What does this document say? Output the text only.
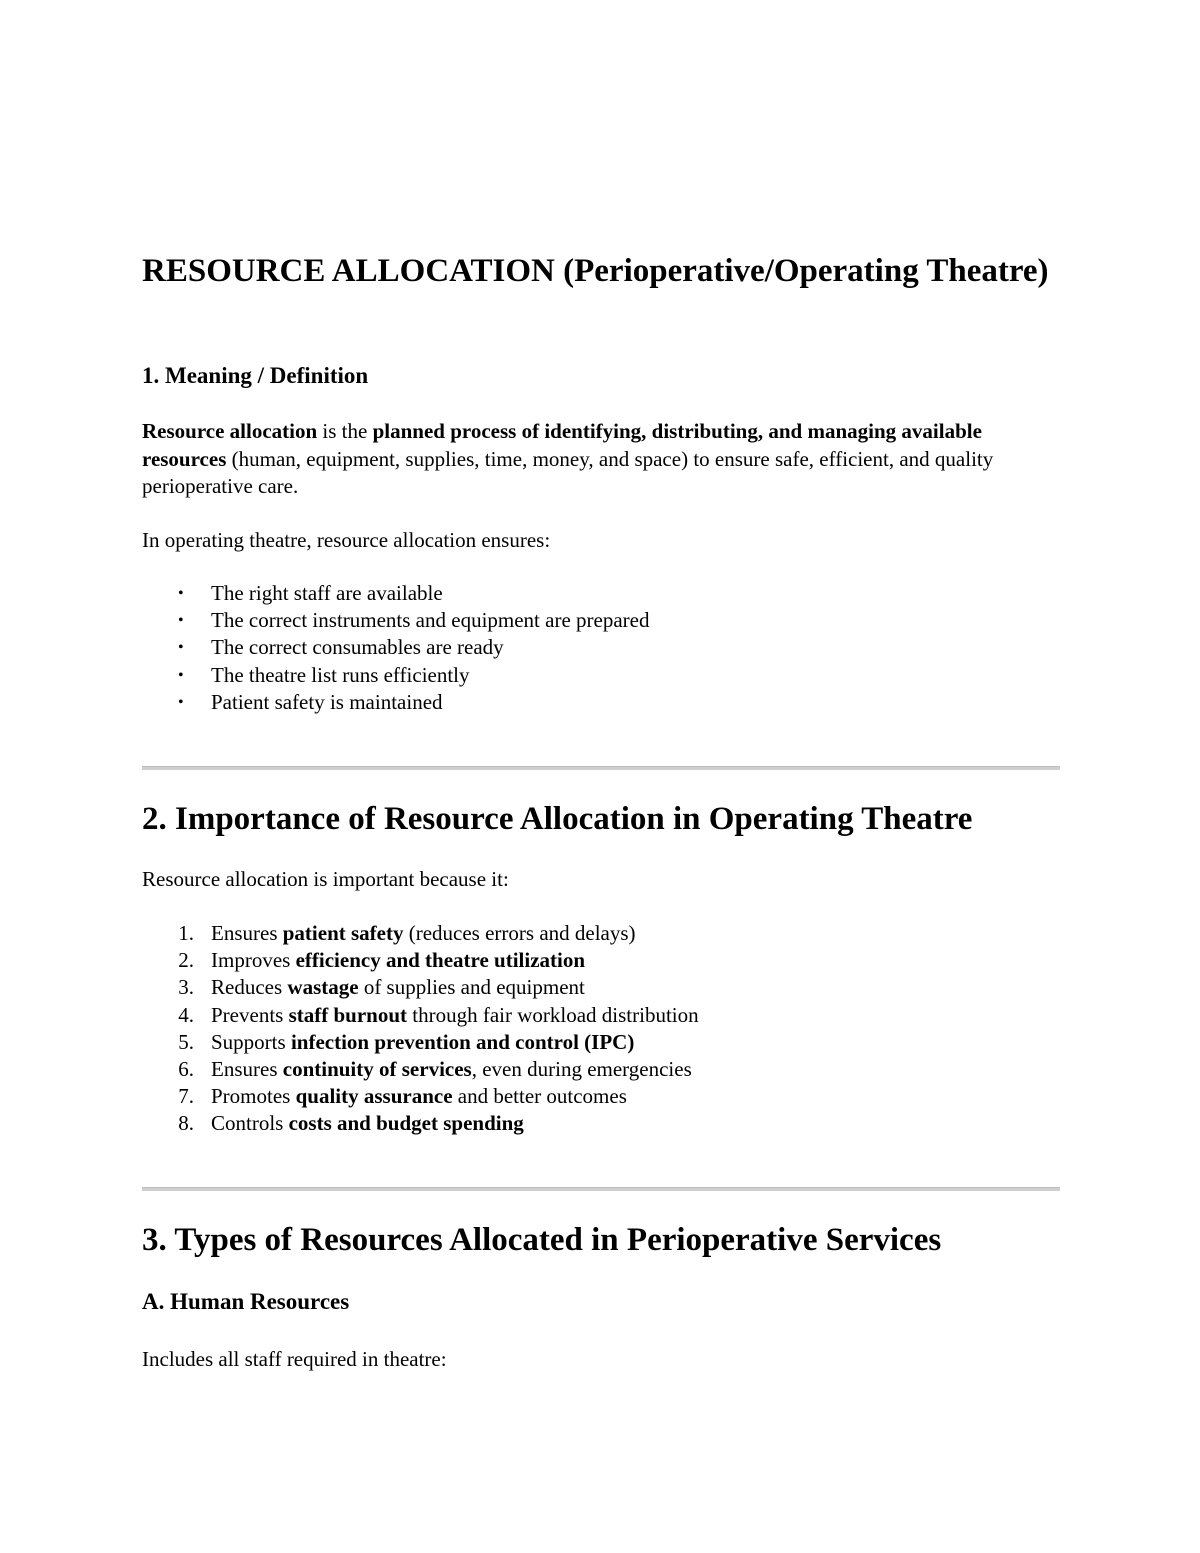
RESOURCE ALLOCATION (Perioperative/Operating Theatre)
1. Meaning / Definition

Resource allocation is the planned process of identifying, distributing, and managing available resources (human, equipment, supplies, time, money, and space) to ensure safe, efficient, and quality perioperative care.

In operating theatre, resource allocation ensures:

• The right staff are available
• The correct instruments and equipment are prepared
• The correct consumables are ready
• The theatre list runs efficiently
• Patient safety is maintained
2. Importance of Resource Allocation in Operating Theatre

Resource allocation is important because it:

1. Ensures patient safety (reduces errors and delays)
2. Improves efficiency and theatre utilization
3. Reduces wastage of supplies and equipment
4. Prevents staff burnout through fair workload distribution
5. Supports infection prevention and control (IPC)
6. Ensures continuity of services, even during emergencies
7. Promotes quality assurance and better outcomes
8. Controls costs and budget spending
3. Types of Resources Allocated in Perioperative Services
A. Human Resources

Includes all staff required in theatre:
